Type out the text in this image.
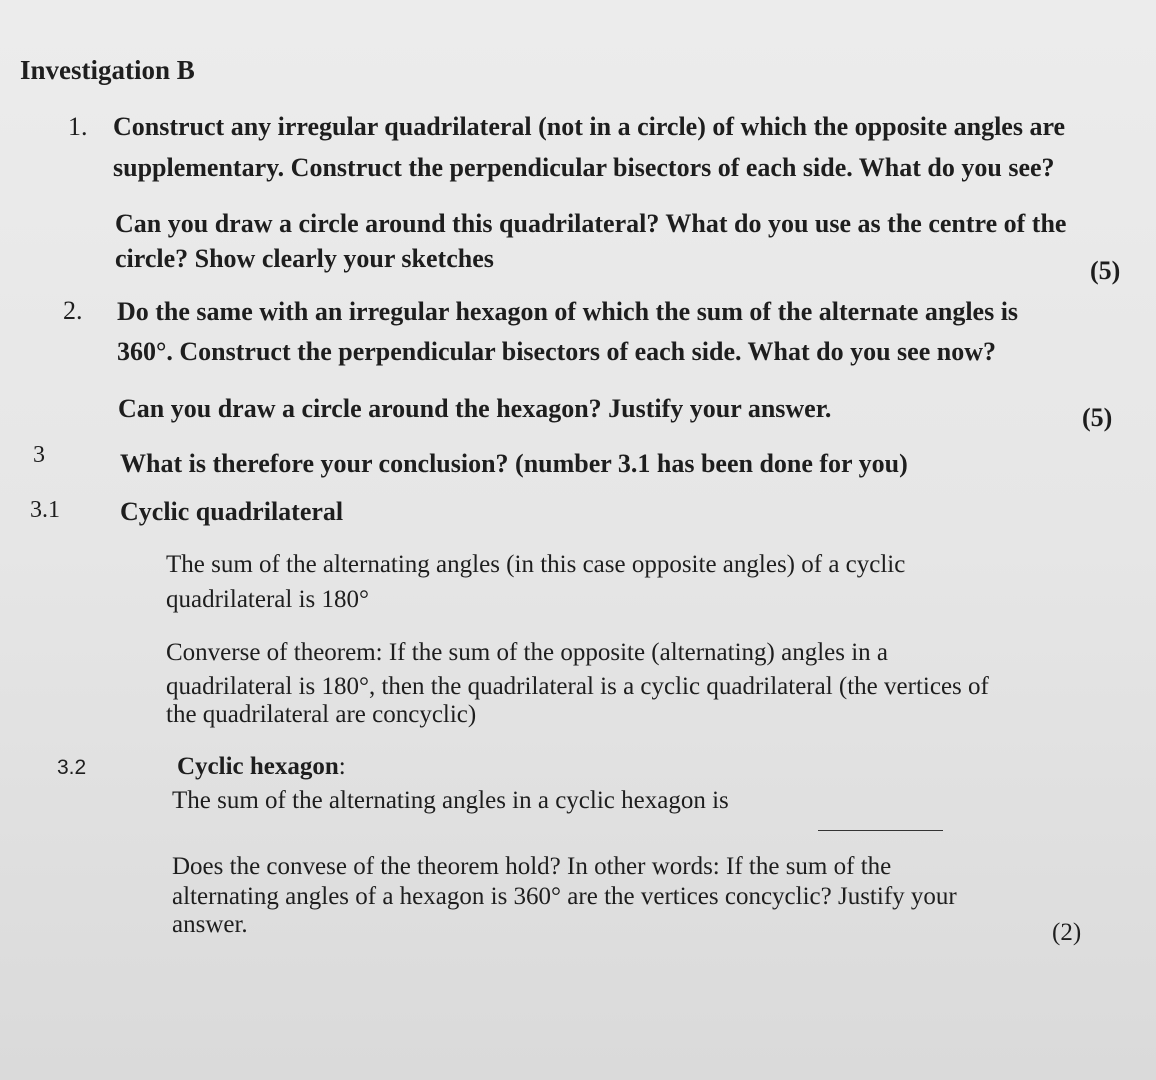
Investigation B
1. Construct any irregular quadrilateral (not in a circle) of which the opposite angles are
supplementary. Construct the perpendicular bisectors of each side. What do you see?
Can you draw a circle around this quadrilateral? What do you use as the centre of the
circle? Show clearly your sketches	(5)
2. Do the same with an irregular hexagon of which the sum of the alternate angles is
360°. Construct the perpendicular bisectors of each side. What do you see now?
Can you draw a circle around the hexagon? Justify your answer.	(5)
3	What is therefore your conclusion? (number 3.1 has been done for you)
3.1 Cyclic quadrilateral
The sum of the alternating angles (in this case opposite angles) of a cyclic
quadrilateral is 180°
Converse of theorem: If the sum of the opposite (alternating) angles in a
quadrilateral is 180°, then the quadrilateral is a cyclic quadrilateral (the vertices of
the quadrilateral are concyclic)
3.2	Cyclic hexagon:
The sum of the alternating angles in a cyclic hexagon is
Does the convese of the theorem hold? In other words: If the sum of the
alternating angles of a hexagon is 360° are the vertices concyclic? Justify your
answer.	(2)
